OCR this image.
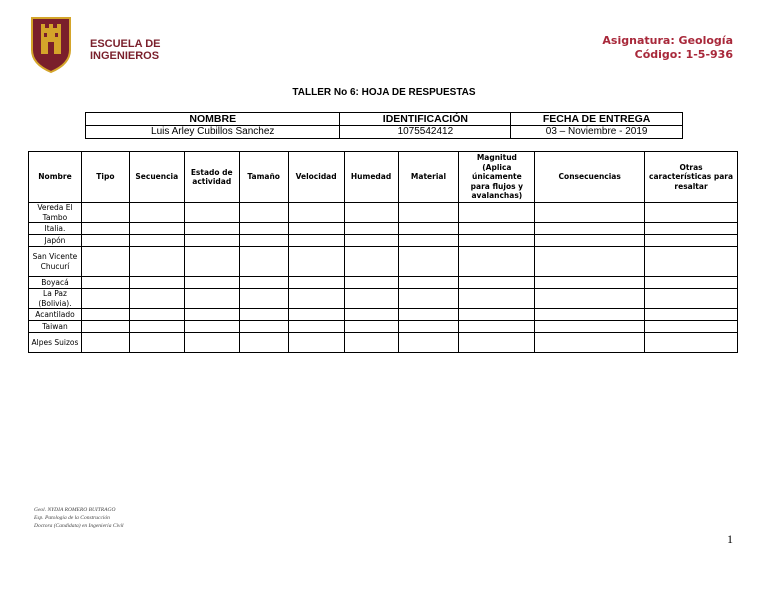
ESCUELA DE
INGENIEROS
Asignatura: Geología
Código: 1-5-936
TALLER No 6: HOJA DE RESPUESTAS
NOMBRE	IDENTIFICACIÓN	FECHA DE ENTREGA
Luis Arley Cubillos Sanchez	1075542412	03 – Noviembre - 2019
Nombre	Tipo	Secuencia	Estado de actividad	Tamaño	Velocidad	Humedad	Material	Magnitud (Aplica únicamente para flujos y avalanchas)	Consecuencias	Otras características para resaltar
Vereda El Tambo										
Italia.										
Japón										
San Vicente Chucurí										
Boyacá										
La Paz (Bolivia).										
Acantilado										
Taiwan										
Alpes Suizos										
Geol. NYDIA ROMERO BUITRAGO
Esp. Patología de la Construcción
Doctora (Candidata) en Ingeniería Civil
1
